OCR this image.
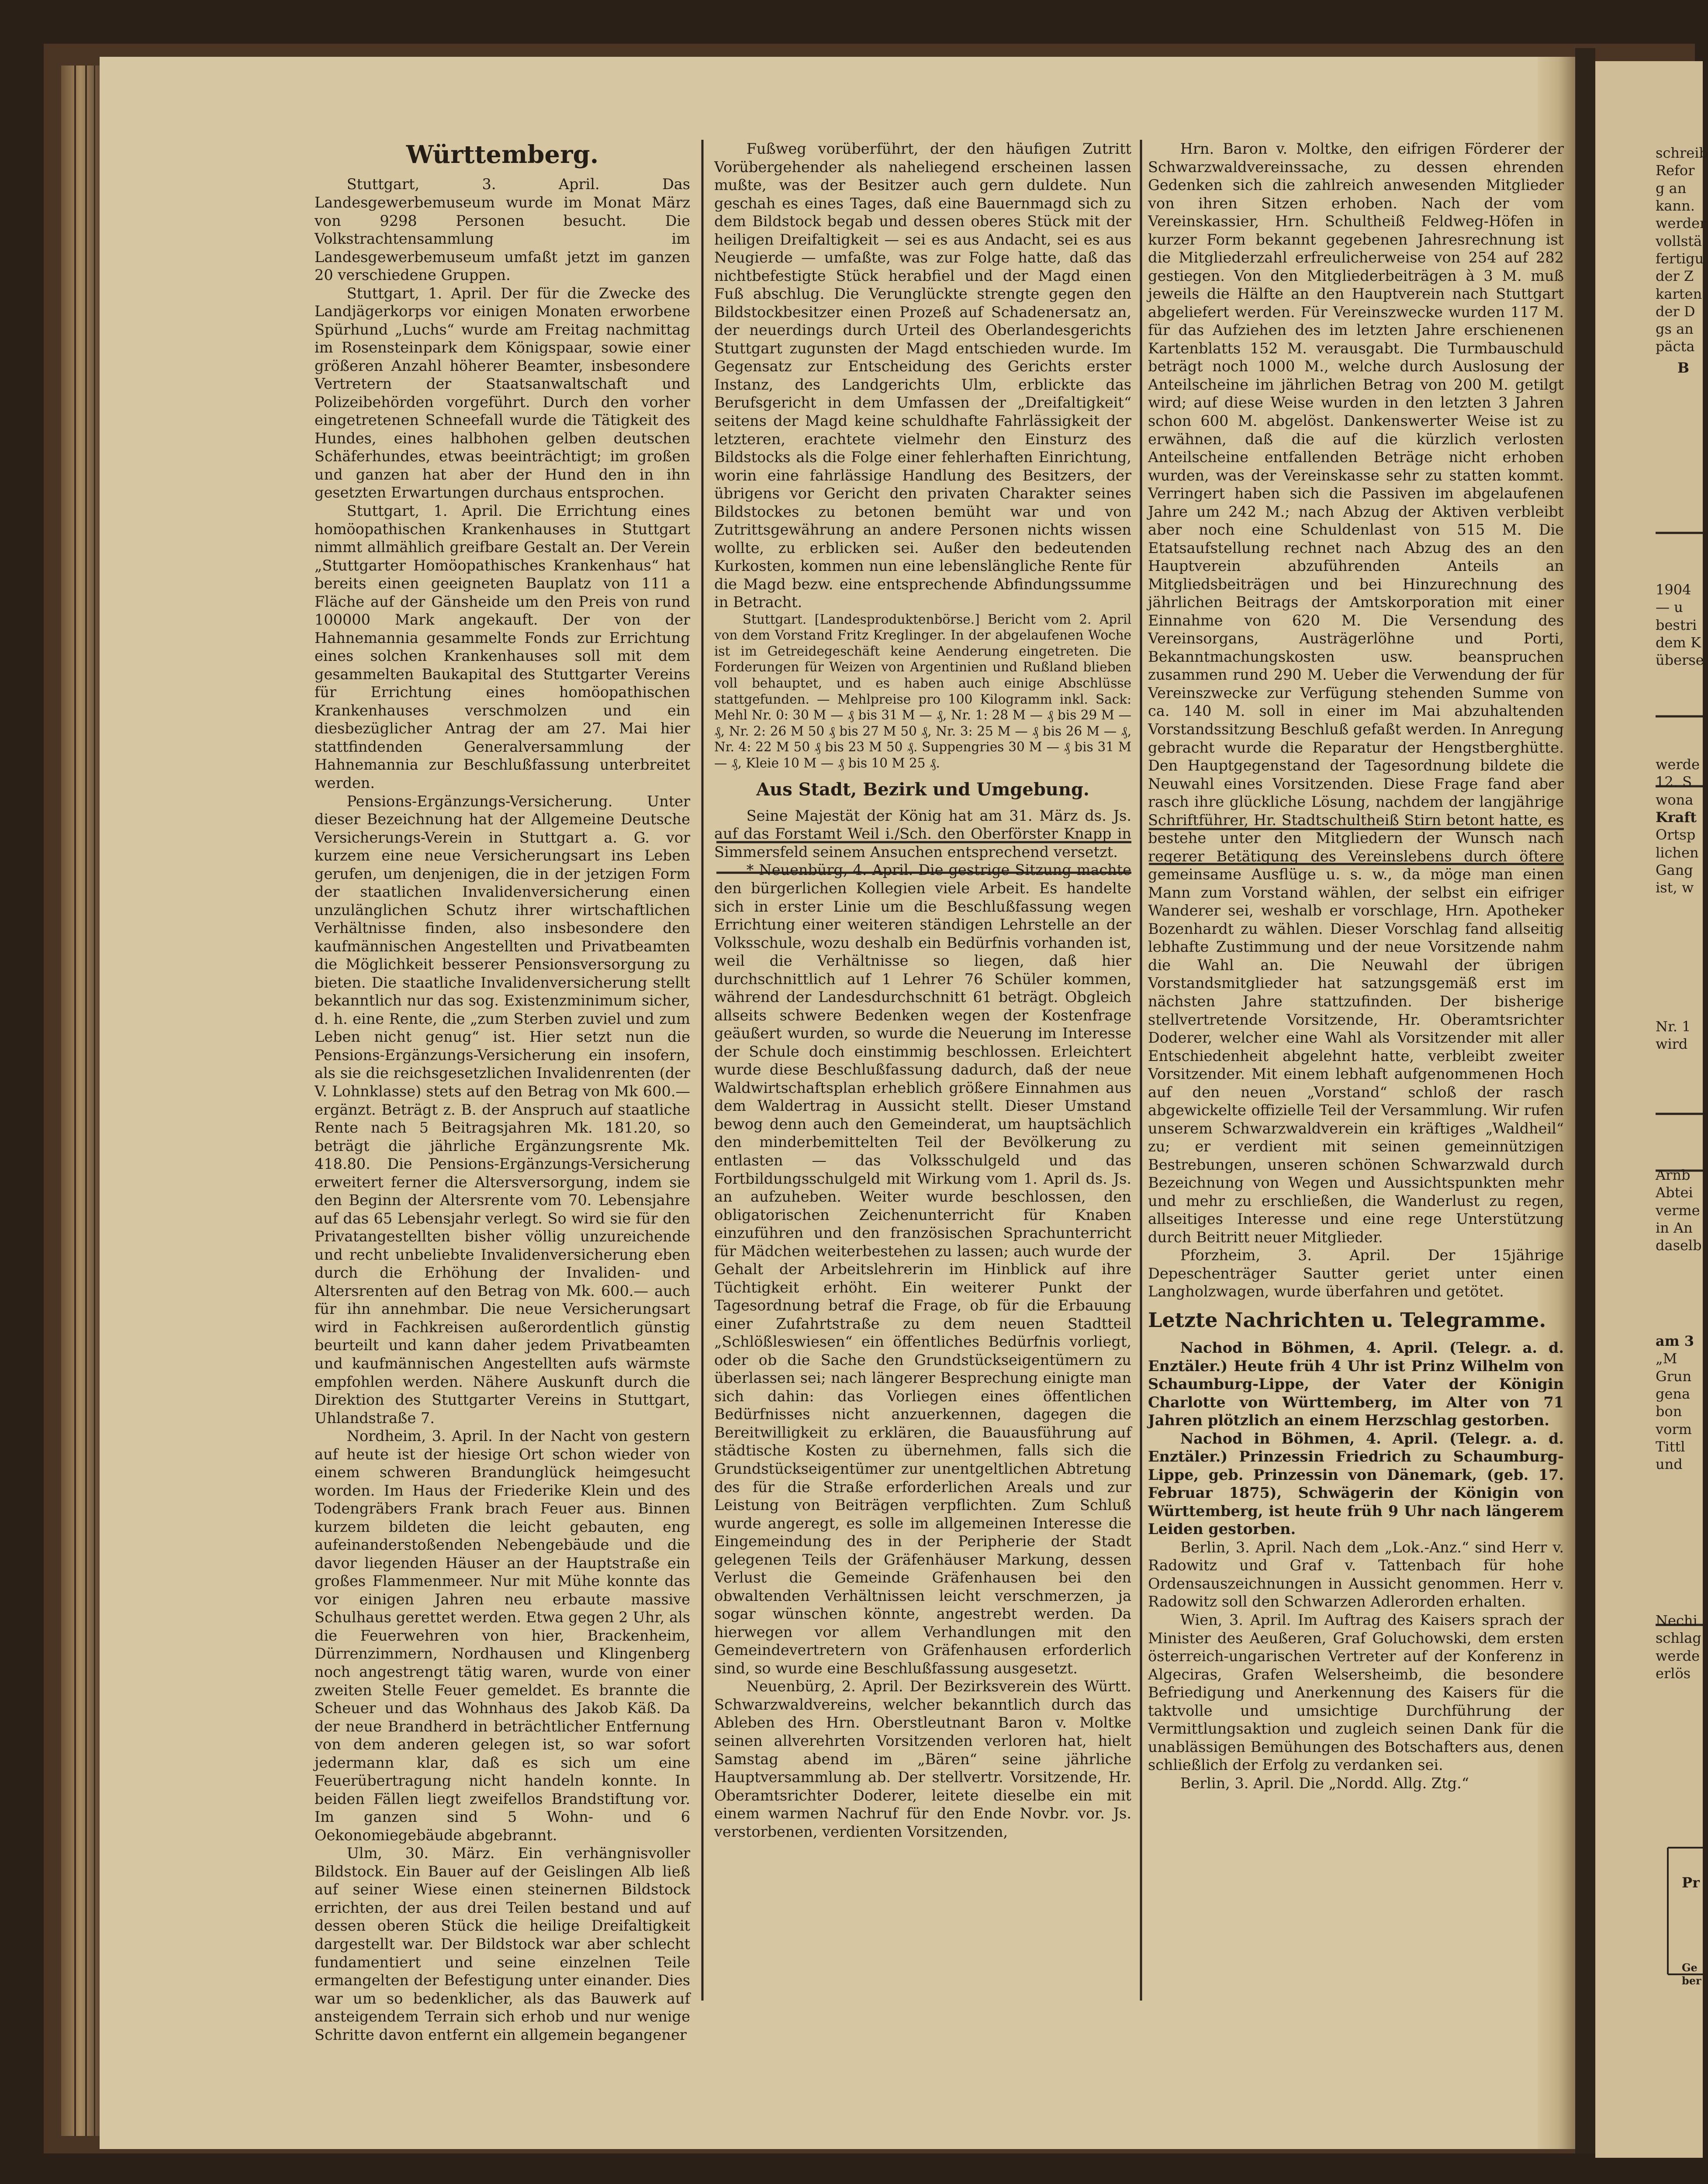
Württemberg.

Stuttgart, 3. April. Das Landesgewerbemuseum wurde im Monat März von 9298 Personen besucht. Die Volkstrachtensammlung im Landesgewerbemuseum umfaßt jetzt im ganzen 20 verschiedene Gruppen.

Stuttgart, 1. April. Der für die Zwecke des Landjägerkorps vor einigen Monaten erworbene Spürhund „Luchs“ wurde am Freitag nachmittag im Rosensteinpark dem Königspaar, sowie einer größeren Anzahl höherer Beamter, insbesondere Vertretern der Staatsanwaltschaft und Polizeibehörden vorgeführt. Durch den vorher eingetretenen Schneefall wurde die Tätigkeit des Hundes, eines halbhohen gelben deutschen Schäferhundes, etwas beeinträchtigt; im großen und ganzen hat aber der Hund den in ihn gesetzten Erwartungen durchaus entsprochen.

Stuttgart, 1. April. Die Errichtung eines homöopathischen Krankenhauses in Stuttgart nimmt allmählich greifbare Gestalt an. Der Verein „Stuttgarter Homöopathisches Krankenhaus“ hat bereits einen geeigneten Bauplatz von 111 a Fläche auf der Gänsheide um den Preis von rund 100000 Mark angekauft. Der von der Hahnemannia gesammelte Fonds zur Errichtung eines solchen Krankenhauses soll mit dem gesammelten Baukapital des Stuttgarter Vereins für Errichtung eines homöopathischen Krankenhauses verschmolzen und ein diesbezüglicher Antrag der am 27. Mai hier stattfindenden Generalversammlung der Hahnemannia zur Beschlußfassung unterbreitet werden.

Pensions-Ergänzungs-Versicherung. Unter dieser Bezeichnung hat der Allgemeine Deutsche Versicherungs-Verein in Stuttgart a. G. vor kurzem eine neue Versicherungsart ins Leben gerufen, um denjenigen, die in der jetzigen Form der staatlichen Invalidenversicherung einen unzulänglichen Schutz ihrer wirtschaftlichen Verhältnisse finden, also insbesondere den kaufmännischen Angestellten und Privatbeamten die Möglichkeit besserer Pensionsversorgung zu bieten. Die staatliche Invalidenversicherung stellt bekanntlich nur das sog. Existenzminimum sicher, d. h. eine Rente, die „zum Sterben zuviel und zum Leben nicht genug“ ist. Hier setzt nun die Pensions-Ergänzungs-Versicherung ein insofern, als sie die reichsgesetzlichen Invalidenrenten (der V. Lohnklasse) stets auf den Betrag von Mk 600.— ergänzt. Beträgt z. B. der Anspruch auf staatliche Rente nach 5 Beitragsjahren Mk. 181.20, so beträgt die jährliche Ergänzungsrente Mk. 418.80. Die Pensions-Ergänzungs-Versicherung erweitert ferner die Altersversorgung, indem sie den Beginn der Altersrente vom 70. Lebensjahre auf das 65 Lebensjahr verlegt. So wird sie für den Privatangestellten bisher völlig unzureichende und recht unbeliebte Invalidenversicherung eben durch die Erhöhung der Invaliden- und Altersrenten auf den Betrag von Mk. 600.— auch für ihn annehmbar. Die neue Versicherungsart wird in Fachkreisen außerordentlich günstig beurteilt und kann daher jedem Privatbeamten und kaufmännischen Angestellten aufs wärmste empfohlen werden. Nähere Auskunft durch die Direktion des Stuttgarter Vereins in Stuttgart, Uhlandstraße 7.

Nordheim, 3. April. In der Nacht von gestern auf heute ist der hiesige Ort schon wieder von einem schweren Brandunglück heimgesucht worden. Im Haus der Friederike Klein und des Todengräbers Frank brach Feuer aus. Binnen kurzem bildeten die leicht gebauten, eng aufeinanderstoßenden Nebengebäude und die davor liegenden Häuser an der Hauptstraße ein großes Flammenmeer. Nur mit Mühe konnte das vor einigen Jahren neu erbaute massive Schulhaus gerettet werden. Etwa gegen 2 Uhr, als die Feuerwehren von hier, Brackenheim, Dürrenzimmern, Nordhausen und Klingenberg noch angestrengt tätig waren, wurde von einer zweiten Stelle Feuer gemeldet. Es brannte die Scheuer und das Wohnhaus des Jakob Käß. Da der neue Brandherd in beträchtlicher Entfernung von dem anderen gelegen ist, so war sofort jedermann klar, daß es sich um eine Feuerübertragung nicht handeln konnte. In beiden Fällen liegt zweifellos Brandstiftung vor. Im ganzen sind 5 Wohn- und 6 Oekonomiegebäude abgebrannt.

Ulm, 30. März. Ein verhängnisvoller Bildstock. Ein Bauer auf der Geislingen Alb ließ auf seiner Wiese einen steinernen Bildstock errichten, der aus drei Teilen bestand und auf dessen oberen Stück die heilige Dreifaltigkeit dargestellt war. Der Bildstock war aber schlecht fundamentiert und seine einzelnen Teile ermangelten der Befestigung unter einander. Dies war um so bedenklicher, als das Bauwerk auf ansteigendem Terrain sich erhob und nur wenige Schritte davon entfernt ein allgemein begangener

Fußweg vorüberführt, der den häufigen Zutritt Vorübergehender als naheliegend erscheinen lassen mußte, was der Besitzer auch gern duldete. Nun geschah es eines Tages, daß eine Bauernmagd sich zu dem Bildstock begab und dessen oberes Stück mit der heiligen Dreifaltigkeit — sei es aus Andacht, sei es aus Neugierde — umfaßte, was zur Folge hatte, daß das nichtbefestigte Stück herabfiel und der Magd einen Fuß abschlug. Die Verunglückte strengte gegen den Bildstockbesitzer einen Prozeß auf Schadenersatz an, der neuerdings durch Urteil des Oberlandesgerichts Stuttgart zugunsten der Magd entschieden wurde. Im Gegensatz zur Entscheidung des Gerichts erster Instanz, des Landgerichts Ulm, erblickte das Berufsgericht in dem Umfassen der „Dreifaltigkeit“ seitens der Magd keine schuldhafte Fahrlässigkeit der letzteren, erachtete vielmehr den Einsturz des Bildstocks als die Folge einer fehlerhaften Einrichtung, worin eine fahrlässige Handlung des Besitzers, der übrigens vor Gericht den privaten Charakter seines Bildstockes zu betonen bemüht war und von Zutrittsgewährung an andere Personen nichts wissen wollte, zu erblicken sei. Außer den bedeutenden Kurkosten, kommen nun eine lebenslängliche Rente für die Magd bezw. eine entsprechende Abfindungssumme in Betracht.

Stuttgart. [Landesproduktenbörse.] Bericht vom 2. April von dem Vorstand Fritz Kreglinger. In der abgelaufenen Woche ist im Getreidegeschäft keine Aenderung eingetreten. Die Forderungen für Weizen von Argentinien und Rußland blieben voll behauptet, und es haben auch einige Abschlüsse stattgefunden. — Mehlpreise pro 100 Kilogramm inkl. Sack: Mehl Nr. 0: 30 M — ₰ bis 31 M — ₰, Nr. 1: 28 M — ₰ bis 29 M — ₰, Nr. 2: 26 M 50 ₰ bis 27 M 50 ₰, Nr. 3: 25 M — ₰ bis 26 M — ₰, Nr. 4: 22 M 50 ₰ bis 23 M 50 ₰. Suppengries 30 M — ₰ bis 31 M — ₰, Kleie 10 M — ₰ bis 10 M 25 ₰.

Aus Stadt, Bezirk und Umgebung.

Seine Majestät der König hat am 31. März ds. Js. auf das Forstamt Weil i./Sch. den Oberförster Knapp in Simmersfeld seinem Ansuchen entsprechend versetzt.

* Neuenbürg, 4. April. Die gestrige Sitzung machte den bürgerlichen Kollegien viele Arbeit. Es handelte sich in erster Linie um die Beschlußfassung wegen Errichtung einer weiteren ständigen Lehrstelle an der Volksschule, wozu deshalb ein Bedürfnis vorhanden ist, weil die Verhältnisse so liegen, daß hier durchschnittlich auf 1 Lehrer 76 Schüler kommen, während der Landesdurchschnitt 61 beträgt. Obgleich allseits schwere Bedenken wegen der Kostenfrage geäußert wurden, so wurde die Neuerung im Interesse der Schule doch einstimmig beschlossen. Erleichtert wurde diese Beschlußfassung dadurch, daß der neue Waldwirtschaftsplan erheblich größere Einnahmen aus dem Waldertrag in Aussicht stellt. Dieser Umstand bewog denn auch den Gemeinderat, um hauptsächlich den minderbemittelten Teil der Bevölkerung zu entlasten — das Volksschulgeld und das Fortbildungsschulgeld mit Wirkung vom 1. April ds. Js. an aufzuheben. Weiter wurde beschlossen, den obligatorischen Zeichenunterricht für Knaben einzuführen und den französischen Sprachunterricht für Mädchen weiterbestehen zu lassen; auch wurde der Gehalt der Arbeitslehrerin im Hinblick auf ihre Tüchtigkeit erhöht. Ein weiterer Punkt der Tagesordnung betraf die Frage, ob für die Erbauung einer Zufahrtstraße zu dem neuen Stadtteil „Schlößleswiesen“ ein öffentliches Bedürfnis vorliegt, oder ob die Sache den Grundstückseigentümern zu überlassen sei; nach längerer Besprechung einigte man sich dahin: das Vorliegen eines öffentlichen Bedürfnisses nicht anzuerkennen, dagegen die Bereitwilligkeit zu erklären, die Bauausführung auf städtische Kosten zu übernehmen, falls sich die Grundstückseigentümer zur unentgeltlichen Abtretung des für die Straße erforderlichen Areals und zur Leistung von Beiträgen verpflichten. Zum Schluß wurde angeregt, es solle im allgemeinen Interesse die Eingemeindung des in der Peripherie der Stadt gelegenen Teils der Gräfenhäuser Markung, dessen Verlust die Gemeinde Gräfenhausen bei den obwaltenden Verhältnissen leicht verschmerzen, ja sogar wünschen könnte, angestrebt werden. Da hierwegen vor allem Verhandlungen mit den Gemeindevertretern von Gräfenhausen erforderlich sind, so wurde eine Beschlußfassung ausgesetzt.

Neuenbürg, 2. April. Der Bezirksverein des Württ. Schwarzwaldvereins, welcher bekanntlich durch das Ableben des Hrn. Oberstleutnant Baron v. Moltke seinen allverehrten Vorsitzenden verloren hat, hielt Samstag abend im „Bären“ seine jährliche Hauptversammlung ab. Der stellvertr. Vorsitzende, Hr. Oberamtsrichter Doderer, leitete dieselbe ein mit einem warmen Nachruf für den Ende Novbr. vor. Js. verstorbenen, verdienten Vorsitzenden,

Hrn. Baron v. Moltke, den eifrigen Förderer der Schwarzwaldvereinssache, zu dessen ehrenden Gedenken sich die zahlreich anwesenden Mitglieder von ihren Sitzen erhoben. Nach der vom Vereinskassier, Hrn. Schultheiß Feldweg-Höfen in kurzer Form bekannt gegebenen Jahresrechnung ist die Mitgliederzahl erfreulicherweise von 254 auf 282 gestiegen. Von den Mitgliederbeiträgen à 3 M. muß jeweils die Hälfte an den Hauptverein nach Stuttgart abgeliefert werden. Für Vereinszwecke wurden 117 M. für das Aufziehen des im letzten Jahre erschienenen Kartenblatts 152 M. verausgabt. Die Turmbauschuld beträgt noch 1000 M., welche durch Auslosung der Anteilscheine im jährlichen Betrag von 200 M. getilgt wird; auf diese Weise wurden in den letzten 3 Jahren schon 600 M. abgelöst. Dankenswerter Weise ist zu erwähnen, daß die auf die kürzlich verlosten Anteilscheine entfallenden Beträge nicht erhoben wurden, was der Vereinskasse sehr zu statten kommt. Verringert haben sich die Passiven im abgelaufenen Jahre um 242 M.; nach Abzug der Aktiven verbleibt aber noch eine Schuldenlast von 515 M. Die Etatsaufstellung rechnet nach Abzug des an den Hauptverein abzuführenden Anteils an Mitgliedsbeiträgen und bei Hinzurechnung des jährlichen Beitrags der Amtskorporation mit einer Einnahme von 620 M. Die Versendung des Vereinsorgans, Austrägerlöhne und Porti, Bekanntmachungskosten usw. beanspruchen zusammen rund 290 M. Ueber die Verwendung der für Vereinszwecke zur Verfügung stehenden Summe von ca. 140 M. soll in einer im Mai abzuhaltenden Vorstandssitzung Beschluß gefaßt werden. In Anregung gebracht wurde die Reparatur der Hengstberghütte. Den Hauptgegenstand der Tagesordnung bildete die Neuwahl eines Vorsitzenden. Diese Frage fand aber rasch ihre glückliche Lösung, nachdem der langjährige Schriftführer, Hr. Stadtschultheiß Stirn betont hatte, es bestehe unter den Mitgliedern der Wunsch nach regerer Betätigung des Vereinslebens durch öftere gemeinsame Ausflüge u. s. w., da möge man einen Mann zum Vorstand wählen, der selbst ein eifriger Wanderer sei, weshalb er vorschlage, Hrn. Apotheker Bozenhardt zu wählen. Dieser Vorschlag fand allseitig lebhafte Zustimmung und der neue Vorsitzende nahm die Wahl an. Die Neuwahl der übrigen Vorstandsmitglieder hat satzungsgemäß erst im nächsten Jahre stattzufinden. Der bisherige stellvertretende Vorsitzende, Hr. Oberamtsrichter Doderer, welcher eine Wahl als Vorsitzender mit aller Entschiedenheit abgelehnt hatte, verbleibt zweiter Vorsitzender. Mit einem lebhaft aufgenommenen Hoch auf den neuen „Vorstand“ schloß der rasch abgewickelte offizielle Teil der Versammlung. Wir rufen unserem Schwarzwaldverein ein kräftiges „Waldheil“ zu; er verdient mit seinen gemeinnützigen Bestrebungen, unseren schönen Schwarzwald durch Bezeichnung von Wegen und Aussichtspunkten mehr und mehr zu erschließen, die Wanderlust zu regen, allseitiges Interesse und eine rege Unterstützung durch Beitritt neuer Mitglieder.

Pforzheim, 3. April. Der 15jährige Depeschenträger Sautter geriet unter einen Langholzwagen, wurde überfahren und getötet.

Letzte Nachrichten u. Telegramme.

Nachod in Böhmen, 4. April. (Telegr. a. d. Enztäler.) Heute früh 4 Uhr ist Prinz Wilhelm von Schaumburg-Lippe, der Vater der Königin Charlotte von Württemberg, im Alter von 71 Jahren plötzlich an einem Herzschlag gestorben.

Nachod in Böhmen, 4. April. (Telegr. a. d. Enztäler.) Prinzessin Friedrich zu Schaumburg-Lippe, geb. Prinzessin von Dänemark, (geb. 17. Februar 1875), Schwägerin der Königin von Württemberg, ist heute früh 9 Uhr nach längerem Leiden gestorben.

Berlin, 3. April. Nach dem „Lok.-Anz.“ sind Herr v. Radowitz und Graf v. Tattenbach für hohe Ordensauszeichnungen in Aussicht genommen. Herr v. Radowitz soll den Schwarzen Adlerorden erhalten.

Wien, 3. April. Im Auftrag des Kaisers sprach der Minister des Aeußeren, Graf Goluchowski, dem ersten österreich-ungarischen Vertreter auf der Konferenz in Algeciras, Grafen Welsersheimb, die besondere Befriedigung und Anerkennung des Kaisers für die taktvolle und umsichtige Durchführung der Vermittlungsaktion und zugleich seinen Dank für die unablässigen Bemühungen des Botschafters aus, denen schließlich der Erfolg zu verdanken sei.

Berlin, 3. April. Die „Nordd. Allg. Ztg.“

schreib
Refor
g an
kann.
werder
vollstä
fertigu
der Z
karten
der D
gs an
päcta
B
1904
— u
bestri
dem K
überse
werde
12. S
wona
Kraft
Ortsp
lichen
Gang
ist, w
Nr. 1
wird
Arnb
Abtei
verme
in An
daselb
am 3
„M
Grun
gena
bon
vorm
Tittl
und
Nechi
schlag
werde
erlös
Pr
Ge
ber
